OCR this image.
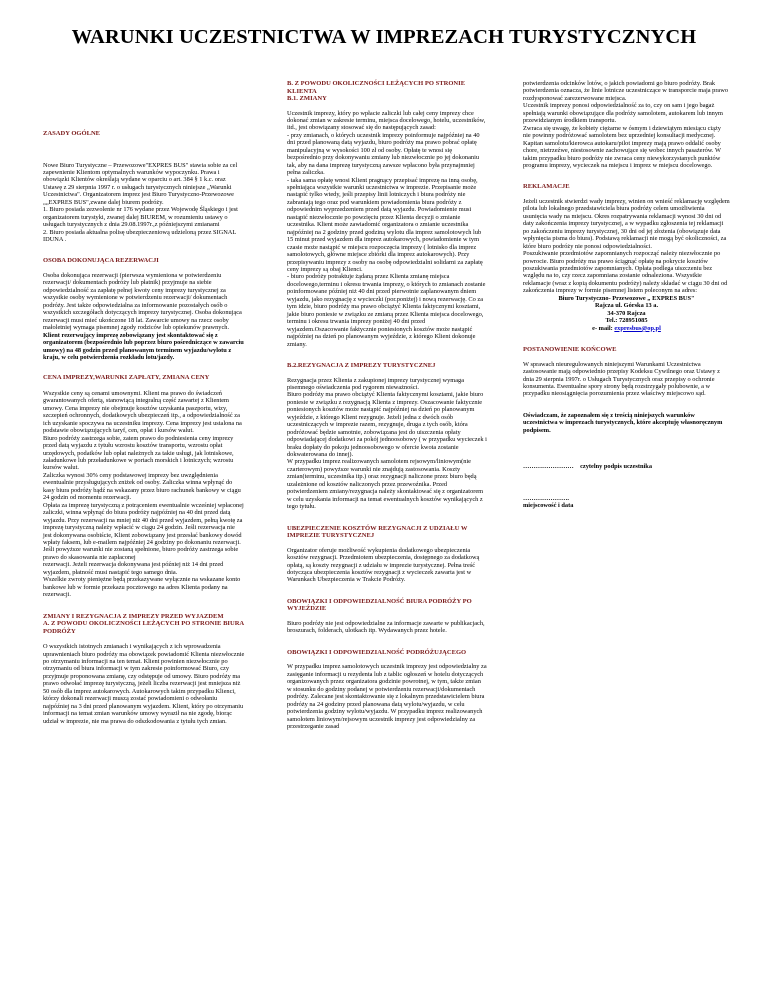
WARUNKI UCZESTNICTWA W IMPREZACH TURYSTYCZNYCH

ZASADY OGÓLNE

Nowe Biuro Turystyczne – Przewozowe"EXPRES BUS" stawia sobie za cel zapewnienie Klientom optymalnych warunków wypoczynku. Prawa i obowiązki Klientów określają wydane w oparciu o art. 384 § 1 k.c. oraz Ustawę z 29 sierpnia 1997 r. o usługach turystycznych niniejsze „Warunki Uczestnictwa". Organizatorem imprez jest Biuro Turystyczno-Przewozowe „„EXPRES BUS",zwane dalej biurem podróży.
1. Biuro posiada zezwolenie nr 176 wydane przez Wojewodę Śląskiego i jest organizatorem turystyki, zwanej dalej BIUREM, w rozumieniu ustawy o usługach turystycznych z dnia 29.08.1997r.,z późniejszymi zmianami
2. Biuro posiada aktualna polisę ubezpieczeniową udzieloną przez SIGNAL IDUNA .

OSOBA DOKONUJĄCA REZERWACJI

Osoba dokonująca rezerwacji (pierwsza wymieniona w potwierdzeniu rezerwacji/ dokumentach podróży lub płatnik) przyjmuje na siebie odpowiedzialność za zapłatę pełnej kwoty ceny imprezy turystycznej za wszystkie osoby wymienione w potwierdzeniu rezerwacji/ dokumentach podróży. Jest także odpowiedzialna za informowanie pozostałych osób o wszystkich szczegółach dotyczących imprezy turystycznej. Osoba dokonująca rezerwacji musi mieć ukończone 18 lat. Zawarcie umowy na rzecz osoby małoletniej wymaga pisemnej zgody rodziców lub opiekunów prawnych. Klient rezerwujący imprezę zobowiązany jest skontaktować się z organizatorem (bezpośrednio lub poprzez biuro pośredniczące w zawarciu umowy) na 48 godzin przed planowanym terminem wyjazdu/wylotu z kraju, w celu potwierdzenia rozkładu lotu/jazdy.

CENA IMPREZY,WARUNKI ZAPŁATY, ZMIANA CENY

Wszystkie ceny są cenami umownymi. Klient ma prawo do świadczeń gwarantowanych ofertą, stanowiącą integralną część zawartej z Klientem umowy. Cena imprezy nie obejmuje kosztów uzyskania paszportu, wizy, szczepień ochronnych, dodatkowych ubezpieczeń itp., a odpowiedzialność za ich uzyskanie spoczywa na uczestniku imprezy. Cena imprezy jest ustalona na podstawie obowiązujących taryf, cen, opłat i kursów walut.
Biuro podróży zastrzega sobie, zatem prawo do podniesienia ceny imprezy przed datą wyjazdu z tytułu wzrostu kosztów transportu, wzrostu opłat urzędowych, podatków lub opłat należnych za takie usługi, jak lotniskowe, załadunkowe lub przeładunkowe w portach morskich i lotniczych; wzrostu kursów walut.
Zaliczka wynosi 30% ceny podstawowej imprezy bez uwzględnienia ewentualnie przysługujących zniżek od osoby. Zaliczka winna wpłynąć do kasy biura podróży bądź na wskazany przez biuro rachunek bankowy w ciągu 24 godzin od momentu rezerwacji.
Opłata za imprezę turystyczną z potrąceniem ewentualnie wcześniej wpłaconej zaliczki, winna wpłynąć do biura podróży najpóźniej na 40 dni przed datą wyjazdu. Przy rezerwacji na mniej niż 40 dni przed wyjazdem, pełną kwotę za imprezę turystyczną należy wpłacić w ciągu 24 godzin. Jeśli rezerwacja nie jest dokonywana osobiście, Klient zobowiązany jest przesłać bankowy dowód wpłaty faksem, lub e-mailem najpóźniej 24 godziny po dokonaniu rezerwacji.
Jeśli powyższe warunki nie zostaną spełnione, biuro podróży zastrzega sobie prawo do skasowania nie zapłaconej
rezerwacji. Jeżeli rezerwacja dokonywana jest później niż 14 dni przed wyjazdem, płatność musi nastąpić tego samego dnia.
Wszelkie zwroty pieniężne będą przekazywane wyłącznie na wskazane konto bankowe lub w formie przekazu pocztowego na adres Klienta podany na rezerwacji.

ZMIANY I REZYGNACJA Z IMPREZY PRZED WYJAZDEM
A. Z POWODU OKOLICZNOŚCI LEŻĄCYCH PO STRONIE BIURA PODRÓŻY

O wszystkich istotnych zmianach i wynikających z ich wprowadzenia uprawnieniach biuro podróży ma obowiązek powiadomić Klienta niezwłocznie po otrzymaniu informacji na ten temat. Klient powinien niezwłocznie po otrzymaniu od biura informacji w tym zakresie poinformować Biuro, czy przyjmuje proponowana zmianę, czy odstępuje od umowy. Biuro podróży ma prawo odwołać imprezę turystyczną, jeżeli liczba rezerwacji jest mniejsza niż 50 osób dla imprez autokarowych. Autokarowych takim przypadku Klienci, którzy dokonali rezerwacji muszą zostać powiadomieni o odwołaniu najpóźniej na 3 dni przed planowanym wyjazdem. Klient, który po otrzymaniu informacji na temat zmian warunków umowy wyraził na nie zgodę, biorąc udział w imprezie, nie ma prawa do odszkodowania z tytułu tych zmian.

B. Z POWODU OKOLICZNOŚCI LEŻĄCYCH PO STRONIE KLIENTA
B.1. ZMIANY

Uczestnik imprezy, który po wpłacie zaliczki lub całej ceny imprezy chce dokonać zmian w zakresie terminu, miejsca docelowego, hotelu, uczestników, itd., jest obowiązany stosować się do następujących zasad:
- przy zmianach, o których uczestnik imprezy poinformuje najpóźniej na 40 dni przed planowaną datą wyjazdu, biuro podróży ma prawo pobrać opłatę manipulacyjną w wysokości 100 zł od osoby. Opłatę te wnosi się bezpośrednio przy dokonywaniu zmiany lub niezwłocznie po jej dokonaniu tak, aby na dana imprezę turystyczną zawsze wpłacono była przynajmniej pełna zaliczka.
- taka sama opłatę wnosi Klient pragnący przepisać imprezę na inną osobę, spełniająca wszystkie warunki uczestnictwa w imprezie. Przepisanie może nastąpić tylko wtedy, jeśli przepisy linii lotniczych i biura podróży nie zabraniają tego oraz pod warunkiem powiadomienia biura podróży z odpowiednim wyprzedzeniem przed datą wyjazdu. Powiadomienie musi nastąpić niezwłocznie po powzięciu przez Klienta decyzji o zmianie uczestnika. Klient może zawiadomić organizatora o zmianie uczestnika najpóźniej na 2 godziny przed godziną wylotu dla imprez samolotowych lub 15 minut przed wyjazdem dla imprez autokarowych, powiadomienie w tym czasie może nastąpić w miejscu rozpoczęcia imprezy ( lotnisko dla imprez samolotowych, główne miejsce zbiórki dla imprez autokarowych). Przy przepisywaniu imprezy z osoby na osobę odpowiedzialni solidarni za zapłatę ceny imprezy są obaj Klienci.
- biuro podróży potraktuje żądaną przez Klienta zmianę miejsca docelowego,terminu i okresu trwania imprezy, o których to zmianach zostanie poinformowane później niż 40 dni przed pierwotnie zaplanowanym dniem wyjazdu, jako rezygnację z wycieczki (por.poniżej) i nową rezerwację. Co za tym idzie, biuro podróży ma prawo obciążyć Klienta faktycznymi kosztami, jakie biuro poniesie w związku ze zmianą przez Klienta miejsca docelowego, terminu i okresu trwania imprezy poniżej 40 dni przed wyjazdem.Oszacowanie faktycznie poniesionych kosztów może nastąpić najpóźniej na dzień po planowanym wyjeździe, z którego Klient dokonuje zmiany.

B.2.REZYGNACJA Z IMPREZY TURYSTYCZNEJ

Rezygnacja przez Klienta z zakupionej imprezy turystycznej wymaga pisemnego oświadczenia pod rygorem nieważności.
Biuro podróży ma prawo obciążyć Klienta faktycznymi kosztami, jakie biuro poniesie w związku z rezygnacją Klienta z imprezy. Oszacowanie faktycznie poniesionych kosztów może nastąpić najpóźniej na dzień po planowanym wyjeździe, z którego Klient rezygnuje. Jeżeli jedna z dwóch osób uczestniczących w imprezie razem, rezygnuje, druga z tych osób, która podróżować będzie samotnie, zobowiązana jest do uiszczenia opłaty odpowiadającej dodatkowi za pokój jednoosobowy ( w przypadku wycieczek i braku dopłaty do pokoju jednoosobowego w ofercie kwota zostanie dokwaterowana do innej).
W przypadku imprez realizowanych samolotem rejsowym/liniowym(nie czarterowym) powyższe warunki nie znajdują zastosowania. Koszty zmian(terminu, uczestnika itp.) oraz rezygnacji naliczone przez biuro będą uzależnione od kosztów naliczonych przez przewoźnika. Przed potwierdzeniem zmiany/rezygnacja należy skontaktować się z organizatorem w celu uzyskania informacji na temat ewentualnych kosztów wynikających z tego tytułu.

UBEZPIECZENIE KOSZTÓW REZYGNACJI Z UDZIAŁU W IMPREZIE TURYSTYCZNEJ

Organizator oferuje możliwość wykupienia dodatkowego ubezpieczenia kosztów rezygnacji. Przedmiotem ubezpieczenia, dostępnego za dodatkową opłatą, są koszty rezygnacji z udziału w imprezie turystycznej. Pełna treść dotycząca ubezpieczenia kosztów rezygnacji z wycieczek zawarta jest w Warunkach Ubezpieczenia w Trakcie Podróży.

OBOWIĄZKI I ODPOWIEDZIALNOŚĆ BIURA PODRÓŻY PO WYJEŹDZIE

Biuro podróży nie jest odpowiedzialne za informacje zawarte w publikacjach, broszurach, folderach, ulotkach itp. Wydawanych przez hotele.

OBOWIĄZKI I ODPOWIEDZIALNOŚĆ PODRÓŻUJĄCEGO

W przypadku imprez samolotowych uczestnik imprezy jest odpowiedzialny za zasięganie informacji u rezydenta lub z tablic ogłoszeń w hotelu dotyczących organizowanych przez organizatora godzinie powrotnej, w tym, także zmian w stosunku do godziny podanej w potwierdzeniu rezerwacji/dokumentach podróży. Zalecane jest skontaktowanie się z lokalnym przedstawicielem biura podróży na 24 godziny przed planowana datą wylotu/wyjazdu, w celu potwierdzenia godziny wylotu/wyjazdu. W przypadku imprez realizowanych samolotem liniowym/rejsowym uczestnik imprezy jest odpowiedzialny za przestrzeganie zasad

potwierdzenia odcinków lotów, o jakich powiadomi go biuro podróży. Brak potwierdzenia oznacza, że linie lotnicze uczestniczące w transporcie maja prawo rozdysponować zarezerwowane miejsca.
Uczestnik imprezy ponosi odpowiedzialność za to, czy on sam i jego bagaż spełniają warunki obowiązujące dla podróży samolotem, autokarem lub innym przewidzianym środkiem transportu.
Zwraca się uwagę, że kobiety ciężarne w ósmym i dziewiątym miesiącu ciąży nie powinny podróżować samolotem bez uprzedniej konsultacji medycznej. Kapitan samolotu/kierowca autokaru/pilot imprezy mają prawo oddalić osoby chore, nietrzeźwe, niestosownie zachowujące się wobec innych pasażerów. W takim przypadku biuro podróży nie zwraca ceny niewykorzystanych punktów programu imprezy, wycieczek na miejscu i imprez w miejscu docelowego.

REKLAMACJE

Jeżeli uczestnik stwierdzi wady imprezy, winien on wnieść reklamację względem pilota lub lokalnego przedstawiciela biura podróży celem umożliwienia usunięcia wady na miejscu. Okres rozpatrywania reklamacji wynosi 30 dni od daty zakończenia imprezy turystycznej, a w wypadku zgłoszenia tej reklamacji po zakończeniu imprezy turystycznej, 30 dni od jej złożenia (obowiązuje data wpłynięcia pisma do biura). Podstawą reklamacji nie mogą być okoliczności, za które biuro podróży nie ponosi odpowiedzialności.
Poszukiwanie przedmiotów zapomnianych rozpocząć należy niezwłocznie po powrocie. Biuro podróży ma prawo ściągnąć opłatę na pokrycie kosztów poszukiwania przedmiotów zapomnianych. Opłata podlega uiszczeniu bez względu na to, czy rzecz zapomniana zostanie odnaleziona. Wszystkie reklamacje (wraz z kopią dokumentu podróży) należy składać w ciągu 30 dni od zakończenia imprezy w formie pisemnej listem poleconym na adres:

Biuro Turystyczno- Przewozowe „ EXPRES BUS"

Rajcza ul. Górska 13 a.

34-370 Rajcza

Tel.: 728951085

e- mail: expresbus@op.pl

POSTANOWIENIE KOŃCOWE

W sprawach nieuregulowanych niniejszymi Warunkami Uczestnictwa zastosowanie mają odpowiednio przepisy Kodeksu Cywilnego oraz Ustawy z dnia 29 sierpnia 1997r. o Usługach Turystycznych oraz przepisy o ochronie konsumenta. Ewentualne spory strony będą rozstrzygały polubownie, a w przypadku nieosiągnięcia porozumienia przez właściwy miejscowo sąd.

Oświadczam, że zapoznałem się z treścią niniejszych warunków uczestnictwa w imprezach turystycznych, które akceptuję własnoręcznym podpisem.

…………………… czytelny podpis uczestnika

………………….

miejscowość i data
